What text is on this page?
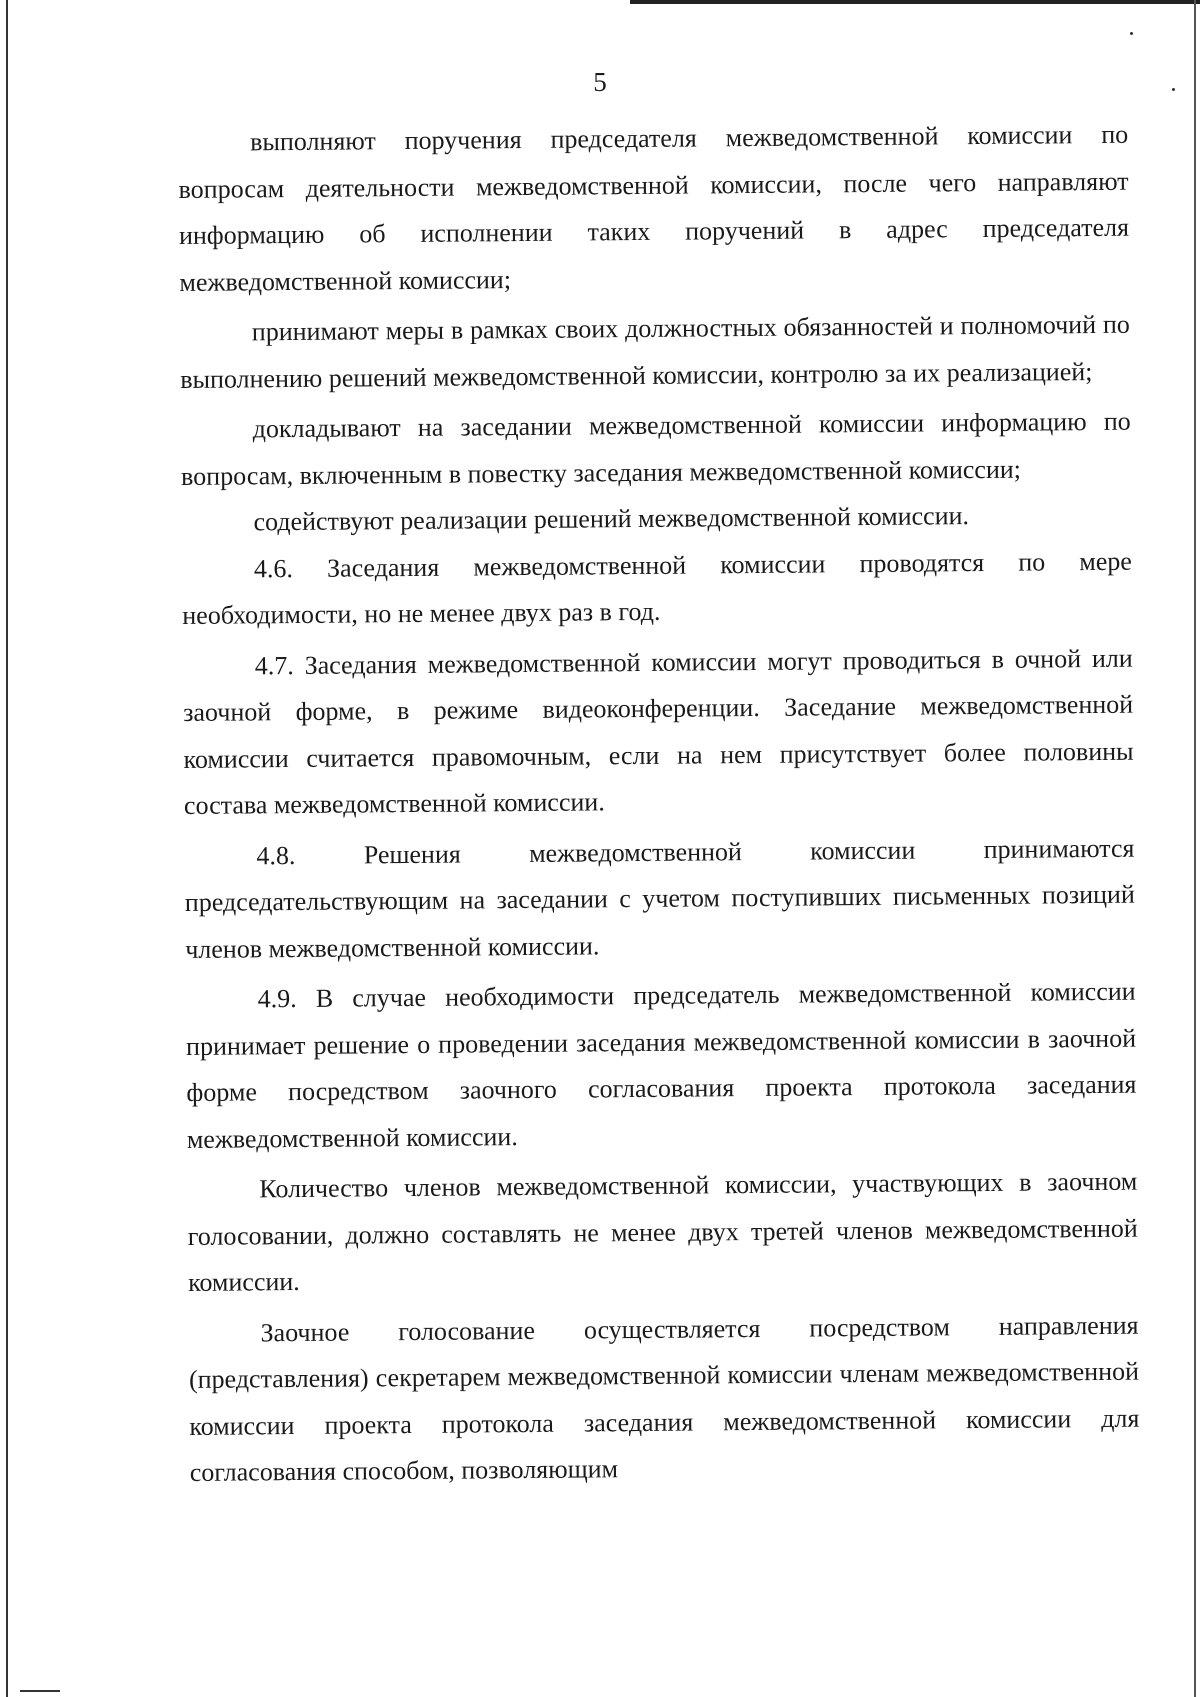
5

выполняют поручения председателя межведомственной комиссии по вопросам деятельности межведомственной комиссии, после чего направляют информацию об исполнении таких поручений в адрес председателя межведомственной комиссии;

принимают меры в рамках своих должностных обязанностей и полномочий по выполнению решений межведомственной комиссии, контролю за их реализацией;

докладывают на заседании межведомственной комиссии информацию по вопросам, включенным в повестку заседания межведомственной комиссии;

содействуют реализации решений межведомственной комиссии.

4.6. Заседания межведомственной комиссии проводятся по мере необходимости, но не менее двух раз в год.

4.7. Заседания межведомственной комиссии могут проводиться в очной или заочной форме, в режиме видеоконференции. Заседание межведомственной комиссии считается правомочным, если на нем присутствует более половины состава межведомственной комиссии.

4.8. Решения межведомственной комиссии принимаются председательствующим на заседании с учетом поступивших письменных позиций членов межведомственной комиссии.

4.9. В случае необходимости председатель межведомственной комиссии принимает решение о проведении заседания межведомственной комиссии в заочной форме посредством заочного согласования проекта протокола заседания межведомственной комиссии.

Количество членов межведомственной комиссии, участвующих в заочном голосовании, должно составлять не менее двух третей членов межведомственной комиссии.

Заочное голосование осуществляется посредством направления (представления) секретарем межведомственной комиссии членам межведомственной комиссии проекта протокола заседания межведомственной комиссии для согласования способом, позволяющим
